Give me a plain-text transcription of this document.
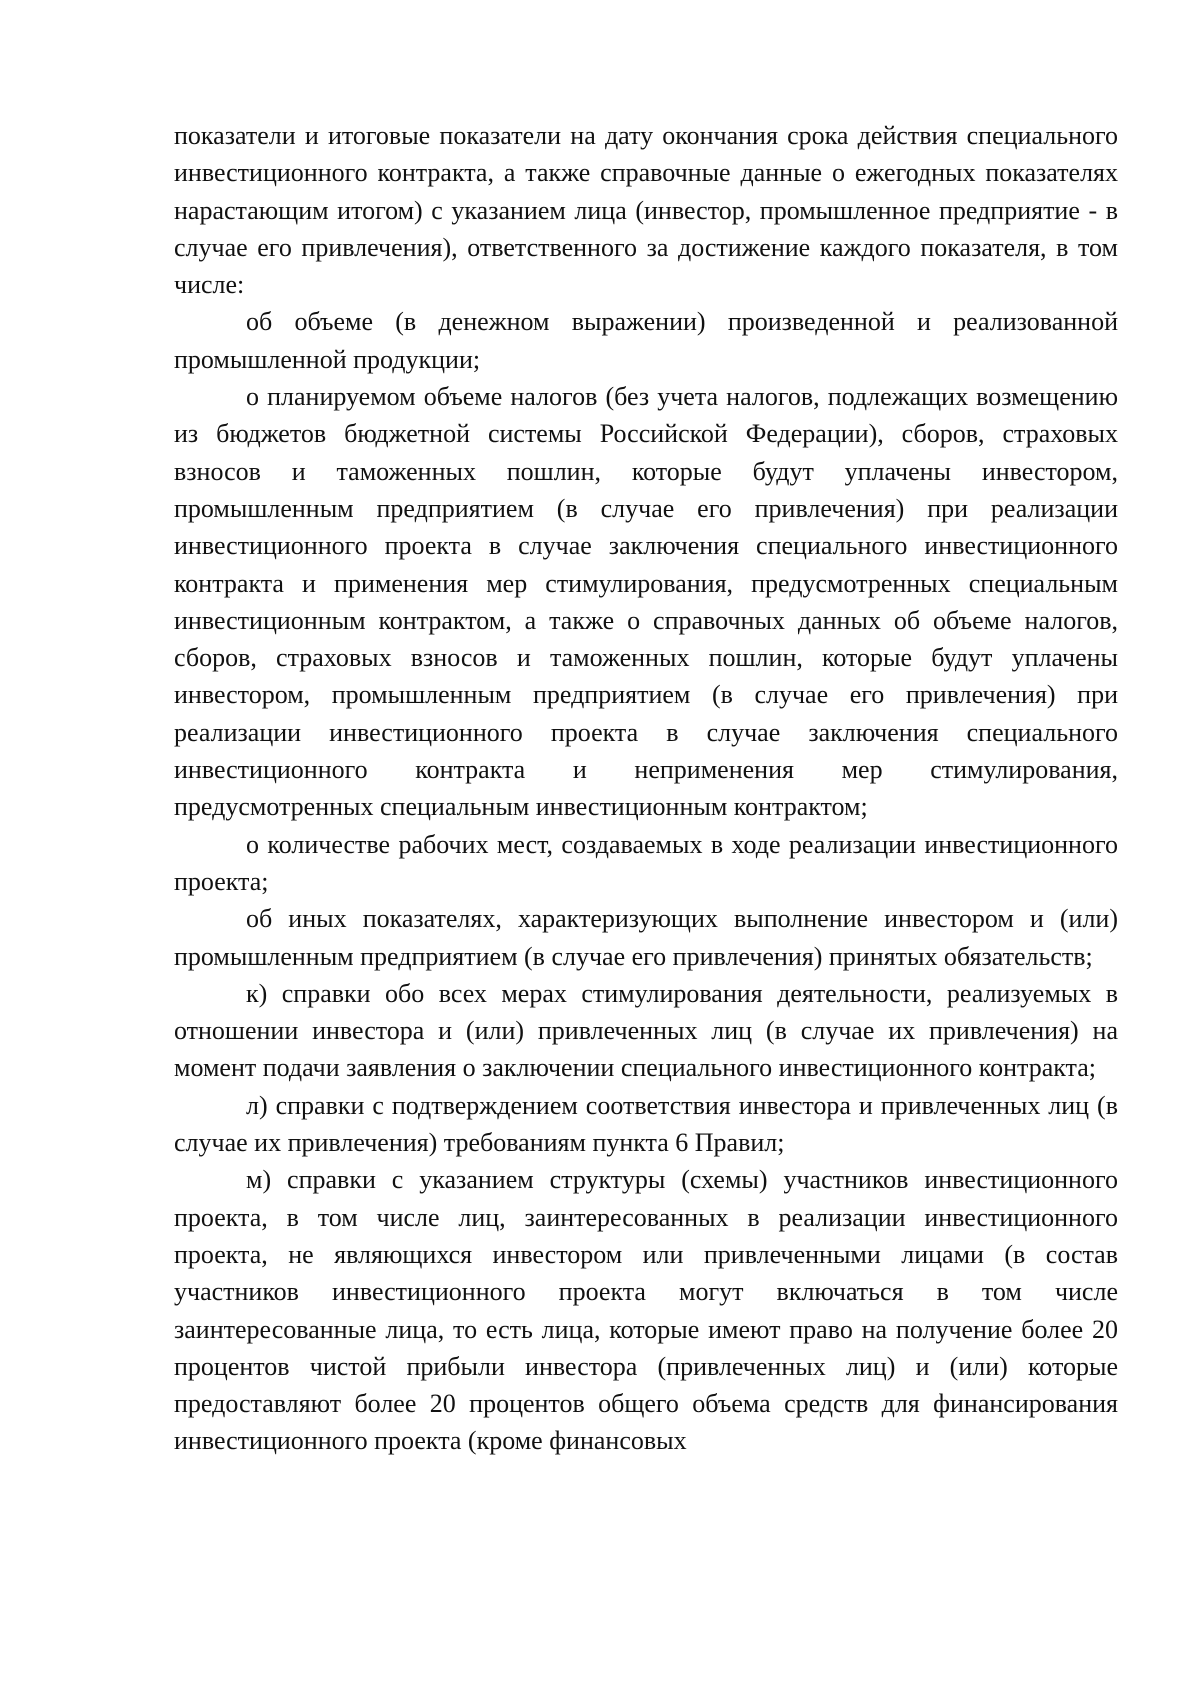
показатели и итоговые показатели на дату окончания срока действия специального инвестиционного контракта, а также справочные данные о ежегодных показателях нарастающим итогом) с указанием лица (инвестор, промышленное предприятие - в случае его привлечения), ответственного за достижение каждого показателя, в том числе:

об объеме (в денежном выражении) произведенной и реализованной промышленной продукции;

о планируемом объеме налогов (без учета налогов, подлежащих возмещению из бюджетов бюджетной системы Российской Федерации), сборов, страховых взносов и таможенных пошлин, которые будут уплачены инвестором, промышленным предприятием (в случае его привлечения) при реализации инвестиционного проекта в случае заключения специального инвестиционного контракта и применения мер стимулирования, предусмотренных специальным инвестиционным контрактом, а также о справочных данных об объеме налогов, сборов, страховых взносов и таможенных пошлин, которые будут уплачены инвестором, промышленным предприятием (в случае его привлечения) при реализации инвестиционного проекта в случае заключения специального инвестиционного контракта и неприменения мер стимулирования, предусмотренных специальным инвестиционным контрактом;

о количестве рабочих мест, создаваемых в ходе реализации инвестиционного проекта;

об иных показателях, характеризующих выполнение инвестором и (или) промышленным предприятием (в случае его привлечения) принятых обязательств;

к) справки обо всех мерах стимулирования деятельности, реализуемых в отношении инвестора и (или) привлеченных лиц (в случае их привлечения) на момент подачи заявления о заключении специального инвестиционного контракта;

л) справки с подтверждением соответствия инвестора и привлеченных лиц (в случае их привлечения) требованиям пункта 6 Правил;

м) справки с указанием структуры (схемы) участников инвестиционного проекта, в том числе лиц, заинтересованных в реализации инвестиционного проекта, не являющихся инвестором или привлеченными лицами (в состав участников инвестиционного проекта могут включаться в том числе заинтересованные лица, то есть лица, которые имеют право на получение более 20 процентов чистой прибыли инвестора (привлеченных лиц) и (или) которые предоставляют более 20 процентов общего объема средств для финансирования инвестиционного проекта (кроме финансовых
